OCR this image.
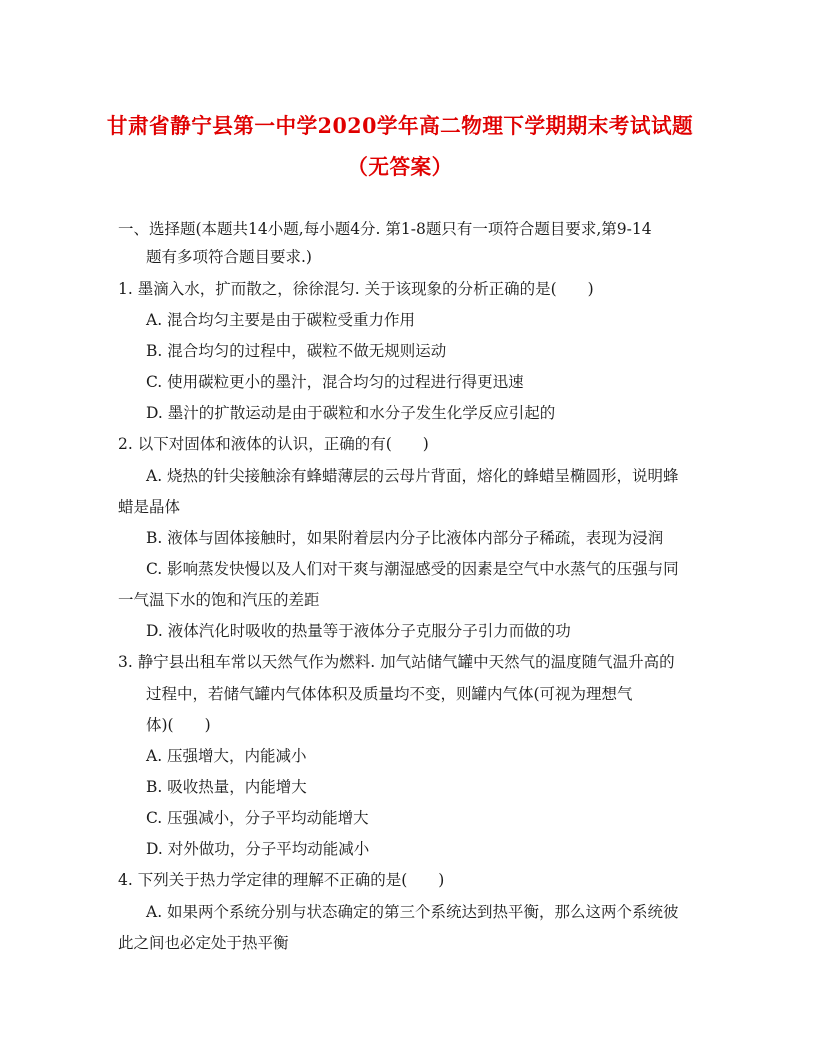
甘肃省静宁县第一中学2020学年高二物理下学期期末考试试题
（无答案）
一、选择题(本题共14小题,每小题4分. 第1-8题只有一项符合题目要求,第9-14
题有多项符合题目要求.)
1. 墨滴入水，扩而散之，徐徐混匀. 关于该现象的分析正确的是(　　)
A. 混合均匀主要是由于碳粒受重力作用
B. 混合均匀的过程中，碳粒不做无规则运动
C. 使用碳粒更小的墨汁，混合均匀的过程进行得更迅速
D. 墨汁的扩散运动是由于碳粒和水分子发生化学反应引起的
2. 以下对固体和液体的认识，正确的有(　　)
A. 烧热的针尖接触涂有蜂蜡薄层的云母片背面，熔化的蜂蜡呈椭圆形，说明蜂
蜡是晶体
B. 液体与固体接触时，如果附着层内分子比液体内部分子稀疏，表现为浸润
C. 影响蒸发快慢以及人们对干爽与潮湿感受的因素是空气中水蒸气的压强与同
一气温下水的饱和汽压的差距
D. 液体汽化时吸收的热量等于液体分子克服分子引力而做的功
3. 静宁县出租车常以天然气作为燃料. 加气站储气罐中天然气的温度随气温升高的
过程中，若储气罐内气体体积及质量均不变，则罐内气体(可视为理想气
体)(　　)
A. 压强增大，内能减小
B. 吸收热量，内能增大
C. 压强减小，分子平均动能增大
D. 对外做功，分子平均动能减小
4. 下列关于热力学定律的理解不正确的是(　　)
A. 如果两个系统分别与状态确定的第三个系统达到热平衡，那么这两个系统彼
此之间也必定处于热平衡
